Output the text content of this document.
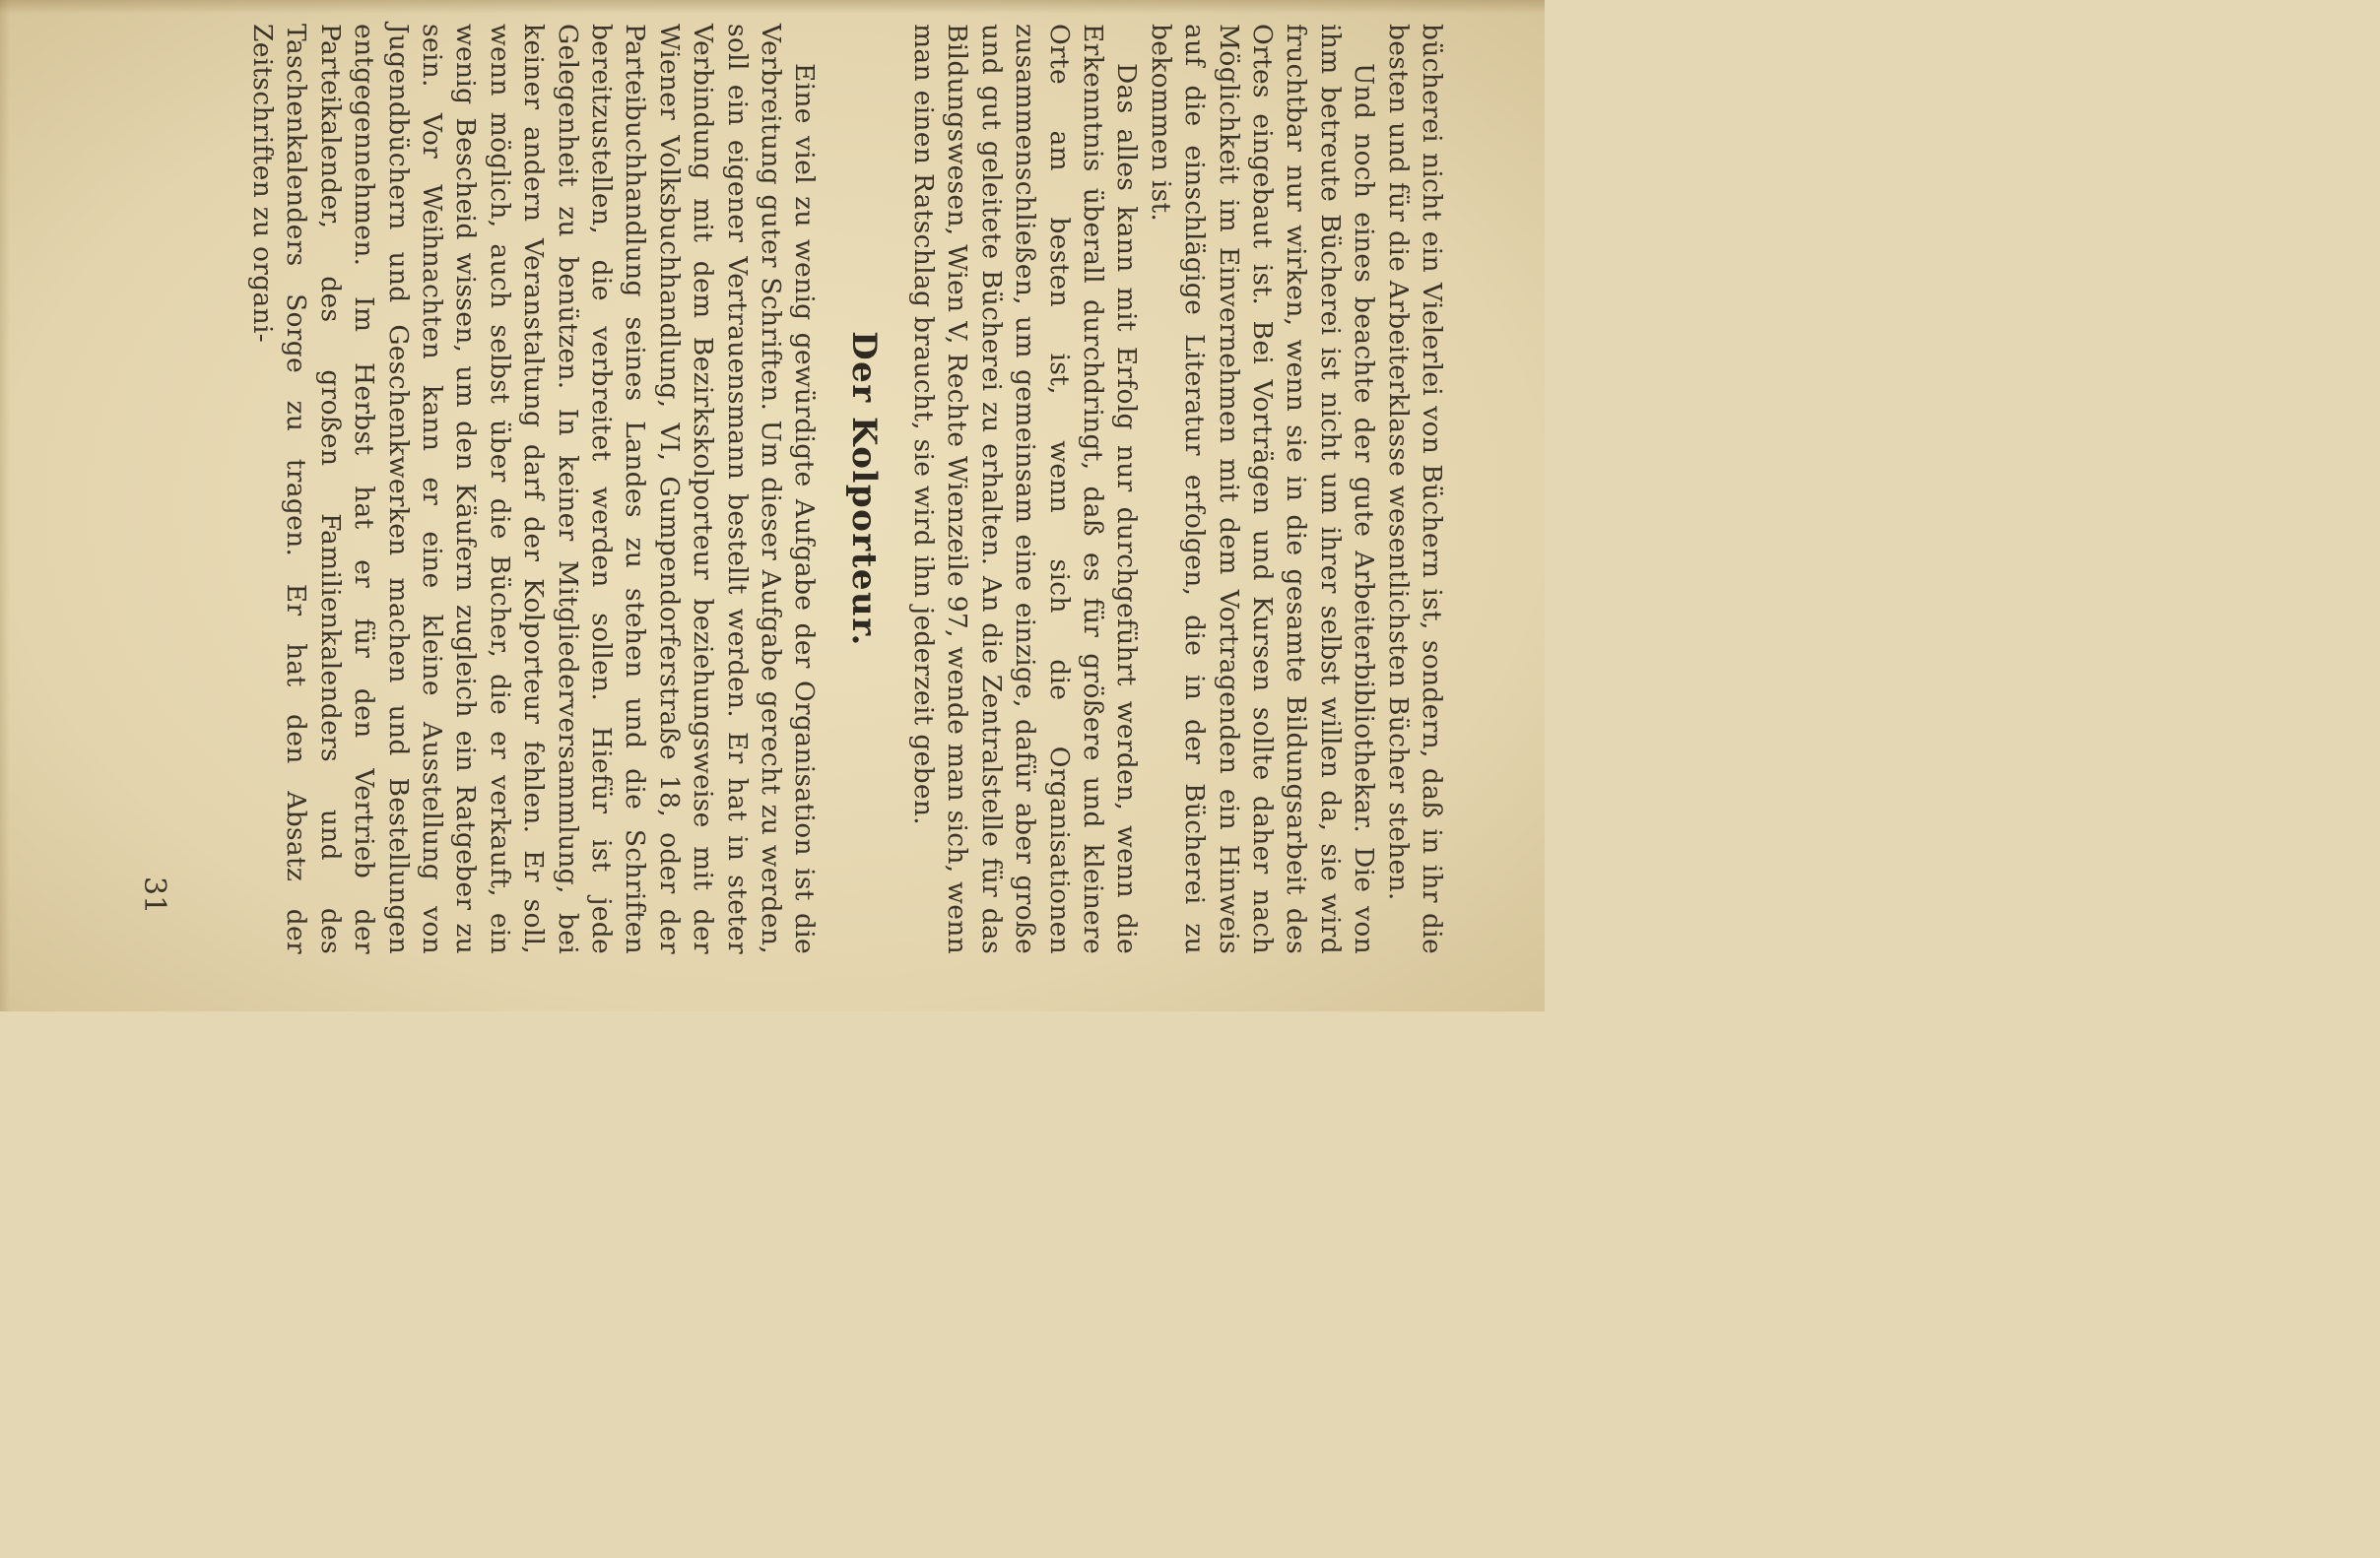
bücherei nicht ein Vielerlei von Büchern ist, sondern, daß in ihr die besten und für die Arbeiterklasse wesentlichsten Bücher stehen.

Und noch eines beachte der gute Arbeiterbibliothekar. Die von ihm betreute Bücherei ist nicht um ihrer selbst willen da, sie wird fruchtbar nur wirken, wenn sie in die gesamte Bildungsarbeit des Ortes eingebaut ist. Bei Vorträgen und Kursen sollte daher nach Möglichkeit im Einvernehmen mit dem Vortragenden ein Hinweis auf die einschlägige Literatur erfolgen, die in der Bücherei zu bekommen ist.

Das alles kann mit Erfolg nur durchgeführt werden, wenn die Erkenntnis überall durchdringt, daß es für größere und kleinere Orte am besten ist, wenn sich die Organisationen zusammenschließen, um gemeinsam eine einzige, dafür aber große und gut geleitete Bücherei zu erhalten. An die Zentralstelle für das Bildungswesen, Wien V, Rechte Wienzeile 97, wende man sich, wenn man einen Ratschlag braucht, sie wird ihn jederzeit geben.

Der Kolporteur.

Eine viel zu wenig gewürdigte Aufgabe der Organisation ist die Verbreitung guter Schriften. Um dieser Aufgabe gerecht zu werden, soll ein eigener Vertrauensmann bestellt werden. Er hat in steter Verbindung mit dem Bezirkskolporteur beziehungsweise mit der Wiener Volksbuchhandlung, VI, Gumpendorferstraße 18, oder der Parteibuchhandlung seines Landes zu stehen und die Schriften bereitzustellen, die verbreitet werden sollen. Hiefür ist jede Gelegenheit zu benützen. In keiner Mitgliederversammlung, bei keiner andern Veranstaltung darf der Kolporteur fehlen. Er soll, wenn möglich, auch selbst über die Bücher, die er verkauft, ein wenig Bescheid wissen, um den Käufern zugleich ein Ratgeber zu sein. Vor Weihnachten kann er eine kleine Ausstellung von Jugendbüchern und Geschenkwerken machen und Bestellungen entgegennehmen. Im Herbst hat er für den Vertrieb der Parteikalender, des großen Familienkalenders und des Taschenkalenders Sorge zu tragen. Er hat den Absatz der Zeitschriften zu organi-

31
